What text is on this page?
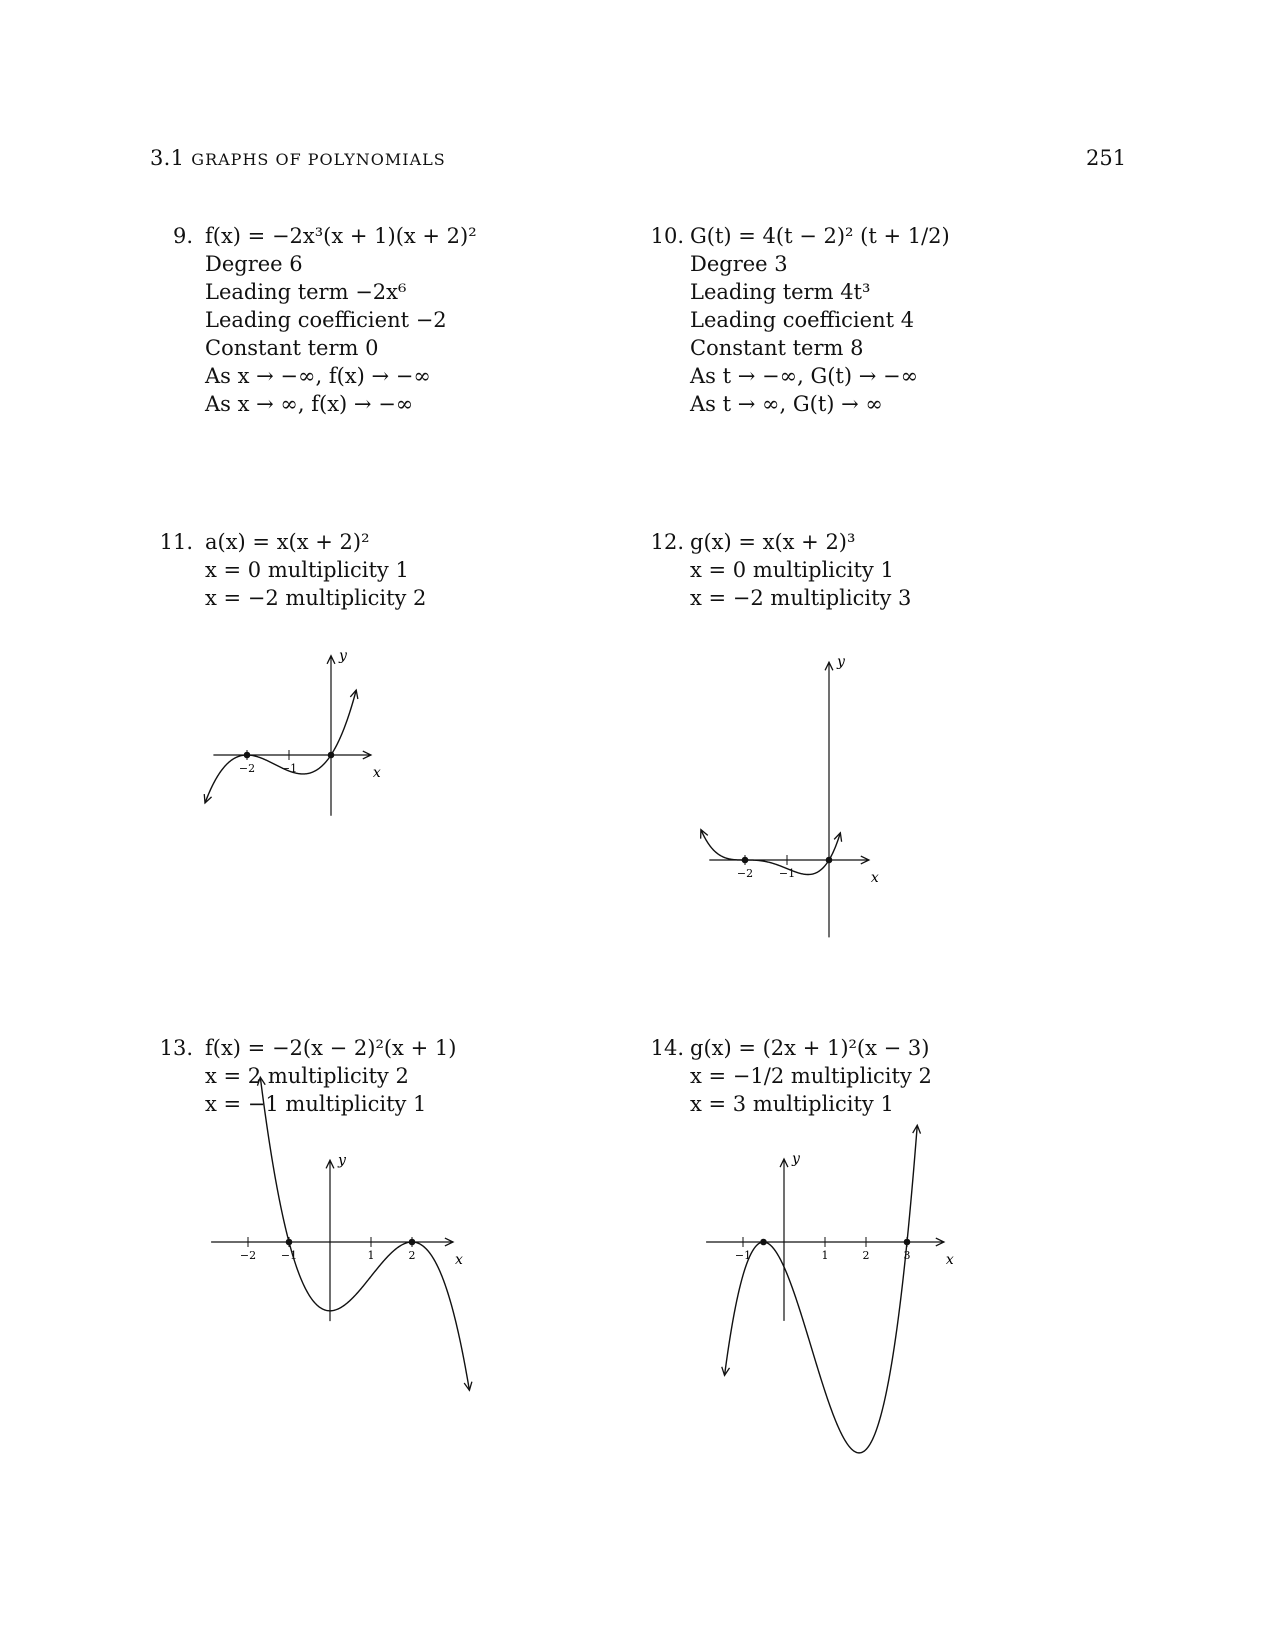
3.1 GRAPHS OF POLYNOMIALS	251
9. f(x) = −2x³(x + 1)(x + 2)²
Degree 6
Leading term −2x⁶
Leading coefficient −2
Constant term 0
As x → −∞, f(x) → −∞
As x → ∞, f(x) → −∞
10. G(t) = 4(t − 2)² (t + 1/2)
Degree 3
Leading term 4t³
Leading coefficient 4
Constant term 8
As t → −∞, G(t) → −∞
As t → ∞, G(t) → ∞
11. a(x) = x(x + 2)²
x = 0 multiplicity 1
x = −2 multiplicity 2
12. g(x) = x(x + 2)³
x = 0 multiplicity 1
x = −2 multiplicity 3
13. f(x) = −2(x − 2)²(x + 1)
x = 2 multiplicity 2
x = −1 multiplicity 1
14. g(x) = (2x + 1)²(x − 3)
x = −1/2 multiplicity 2
x = 3 multiplicity 1
x
y
−2 −1
x
y
−2 −1
x
y
−2 −1	1	2	x
y
−1	1	2	3
